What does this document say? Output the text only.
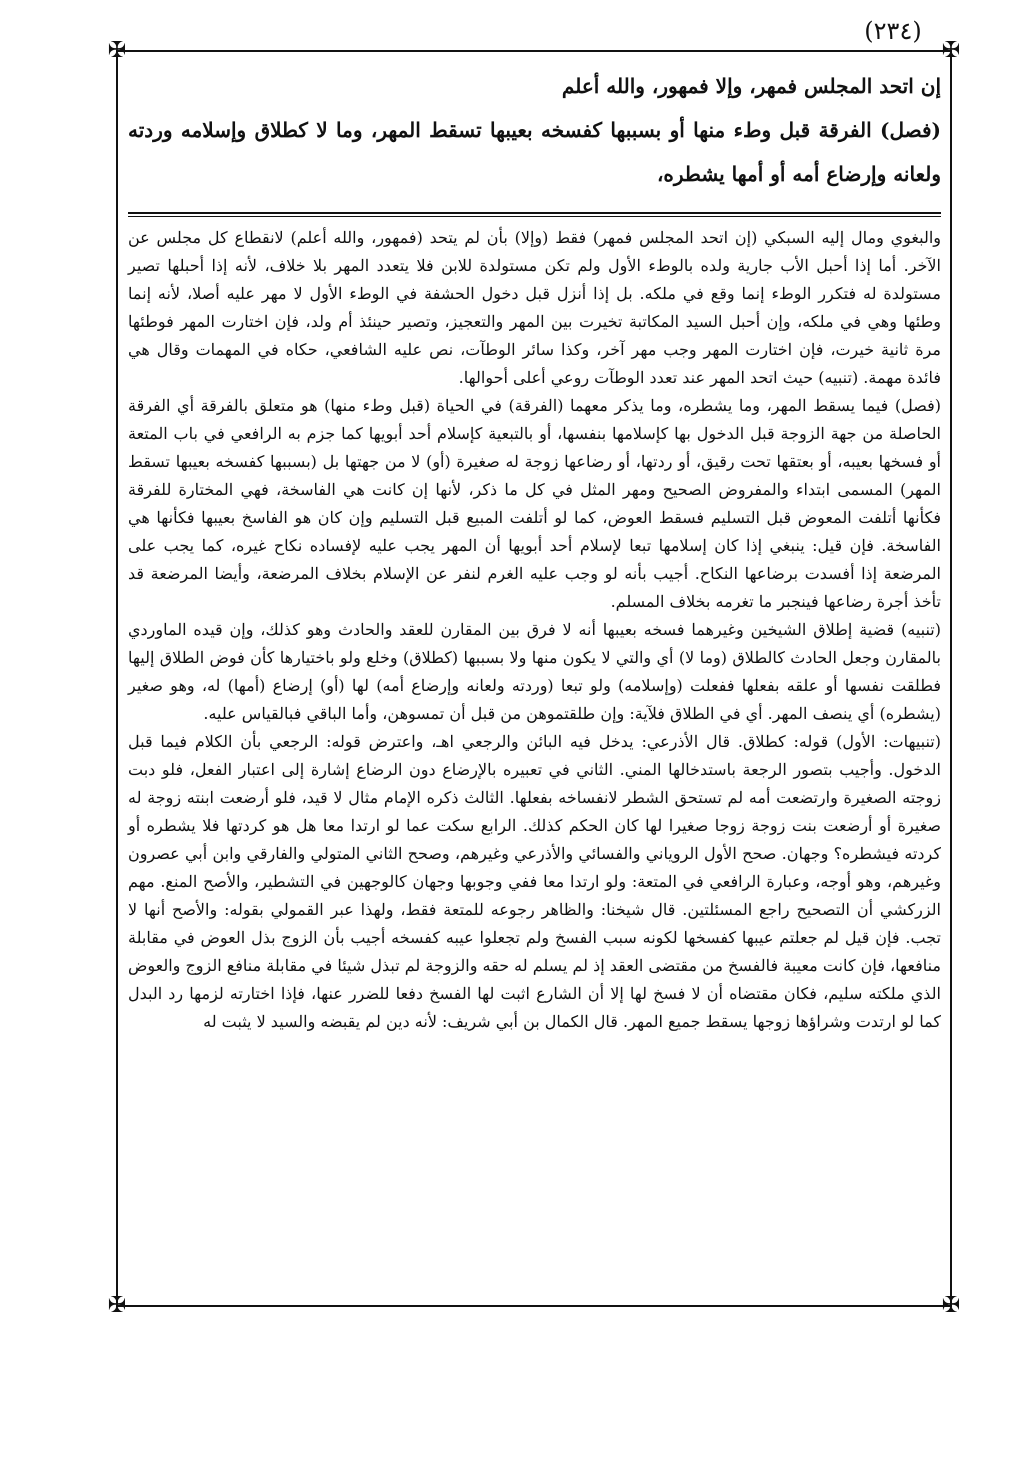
(٢٣٤)
✠	✠
✠	✠

إن اتحد المجلس فمهر، وإلا فمهور، والله أعلم

(فصل) الفرقة قبل وطء منها أو بسببها كفسخه بعيبها تسقط المهر، وما لا كطلاق وإسلامه وردته ولعانه وإرضاع أمه أو أمها يشطره،

والبغوي ومال إليه السبكي (إن اتحد المجلس فمهر) فقط (وإلا) بأن لم يتحد (فمهور، والله أعلم) لانقطاع كل مجلس عن الآخر. أما إذا أحبل الأب جارية ولده بالوطء الأول ولم تكن مستولدة للابن فلا يتعدد المهر بلا خلاف، لأنه إذا أحبلها تصير مستولدة له فتكرر الوطء إنما وقع في ملكه. بل إذا أنزل قبل دخول الحشفة في الوطء الأول لا مهر عليه أصلا، لأنه إنما وطئها وهي في ملكه، وإن أحبل السيد المكاتبة تخيرت بين المهر والتعجيز، وتصير حينئذ أم ولد، فإن اختارت المهر فوطئها مرة ثانية خيرت، فإن اختارت المهر وجب مهر آخر، وكذا سائر الوطآت، نص عليه الشافعي، حكاه في المهمات وقال هي فائدة مهمة. (تنبيه) حيث اتحد المهر عند تعدد الوطآت روعي أعلى أحوالها.

(فصل) فيما يسقط المهر، وما يشطره، وما يذكر معهما (الفرقة) في الحياة (قبل وطء منها) هو متعلق بالفرقة أي الفرقة الحاصلة من جهة الزوجة قبل الدخول بها كإسلامها بنفسها، أو بالتبعية كإسلام أحد أبويها كما جزم به الرافعي في باب المتعة أو فسخها بعيبه، أو بعتقها تحت رقيق، أو ردتها، أو رضاعها زوجة له صغيرة (أو) لا من جهتها بل (بسببها كفسخه بعيبها تسقط المهر) المسمى ابتداء والمفروض الصحيح ومهر المثل في كل ما ذكر، لأنها إن كانت هي الفاسخة، فهي المختارة للفرقة فكأنها أتلفت المعوض قبل التسليم فسقط العوض، كما لو أتلفت المبيع قبل التسليم وإن كان هو الفاسخ بعيبها فكأنها هي الفاسخة. فإن قيل: ينبغي إذا كان إسلامها تبعا لإسلام أحد أبويها أن المهر يجب عليه لإفساده نكاح غيره، كما يجب على المرضعة إذا أفسدت برضاعها النكاح. أجيب بأنه لو وجب عليه الغرم لنفر عن الإسلام بخلاف المرضعة، وأيضا المرضعة قد تأخذ أجرة رضاعها فينجبر ما تغرمه بخلاف المسلم.

(تنبيه) قضية إطلاق الشيخين وغيرهما فسخه بعيبها أنه لا فرق بين المقارن للعقد والحادث وهو كذلك، وإن قيده الماوردي بالمقارن وجعل الحادث كالطلاق (وما لا) أي والتي لا يكون منها ولا بسببها (كطلاق) وخلع ولو باختيارها كأن فوض الطلاق إليها فطلقت نفسها أو علقه بفعلها ففعلت (وإسلامه) ولو تبعا (وردته ولعانه وإرضاع أمه) لها (أو) إرضاع (أمها) له، وهو صغير (يشطره) أي ينصف المهر. أي في الطلاق فلآية: وإن طلقتموهن من قبل أن تمسوهن، وأما الباقي فبالقياس عليه.

(تنبيهات: الأول) قوله: كطلاق. قال الأذرعي: يدخل فيه البائن والرجعي اهـ، واعترض قوله: الرجعي بأن الكلام فيما قبل الدخول. وأجيب بتصور الرجعة باستدخالها المني. الثاني في تعبيره بالإرضاع دون الرضاع إشارة إلى اعتبار الفعل، فلو دبت زوجته الصغيرة وارتضعت أمه لم تستحق الشطر لانفساخه بفعلها. الثالث ذكره الإمام مثال لا قيد، فلو أرضعت ابنته زوجة له صغيرة أو أرضعت بنت زوجة زوجا صغيرا لها كان الحكم كذلك. الرابع سكت عما لو ارتدا معا هل هو كردتها فلا يشطره أو كردته فيشطره؟ وجهان. صحح الأول الروياني والفسائي والأذرعي وغيرهم، وصحح الثاني المتولي والفارقي وابن أبي عصرون وغيرهم، وهو أوجه، وعبارة الرافعي في المتعة: ولو ارتدا معا ففي وجوبها وجهان كالوجهين في التشطير، والأصح المنع. مهم الزركشي أن التصحيح راجع المسئلتين. قال شيخنا: والظاهر رجوعه للمتعة فقط، ولهذا عبر القمولي بقوله: والأصح أنها لا تجب. فإن قيل لم جعلتم عيبها كفسخها لكونه سبب الفسخ ولم تجعلوا عيبه كفسخه أجيب بأن الزوج بذل العوض في مقابلة منافعها، فإن كانت معيبة فالفسخ من مقتضى العقد إذ لم يسلم له حقه والزوجة لم تبذل شيئا في مقابلة منافع الزوج والعوض الذي ملكته سليم، فكان مقتضاه أن لا فسخ لها إلا أن الشارع اثبت لها الفسخ دفعا للضرر عنها، فإذا اختارته لزمها رد البدل كما لو ارتدت وشراؤها زوجها يسقط جميع المهر. قال الكمال بن أبي شريف: لأنه دين لم يقبضه والسيد لا يثبت له
